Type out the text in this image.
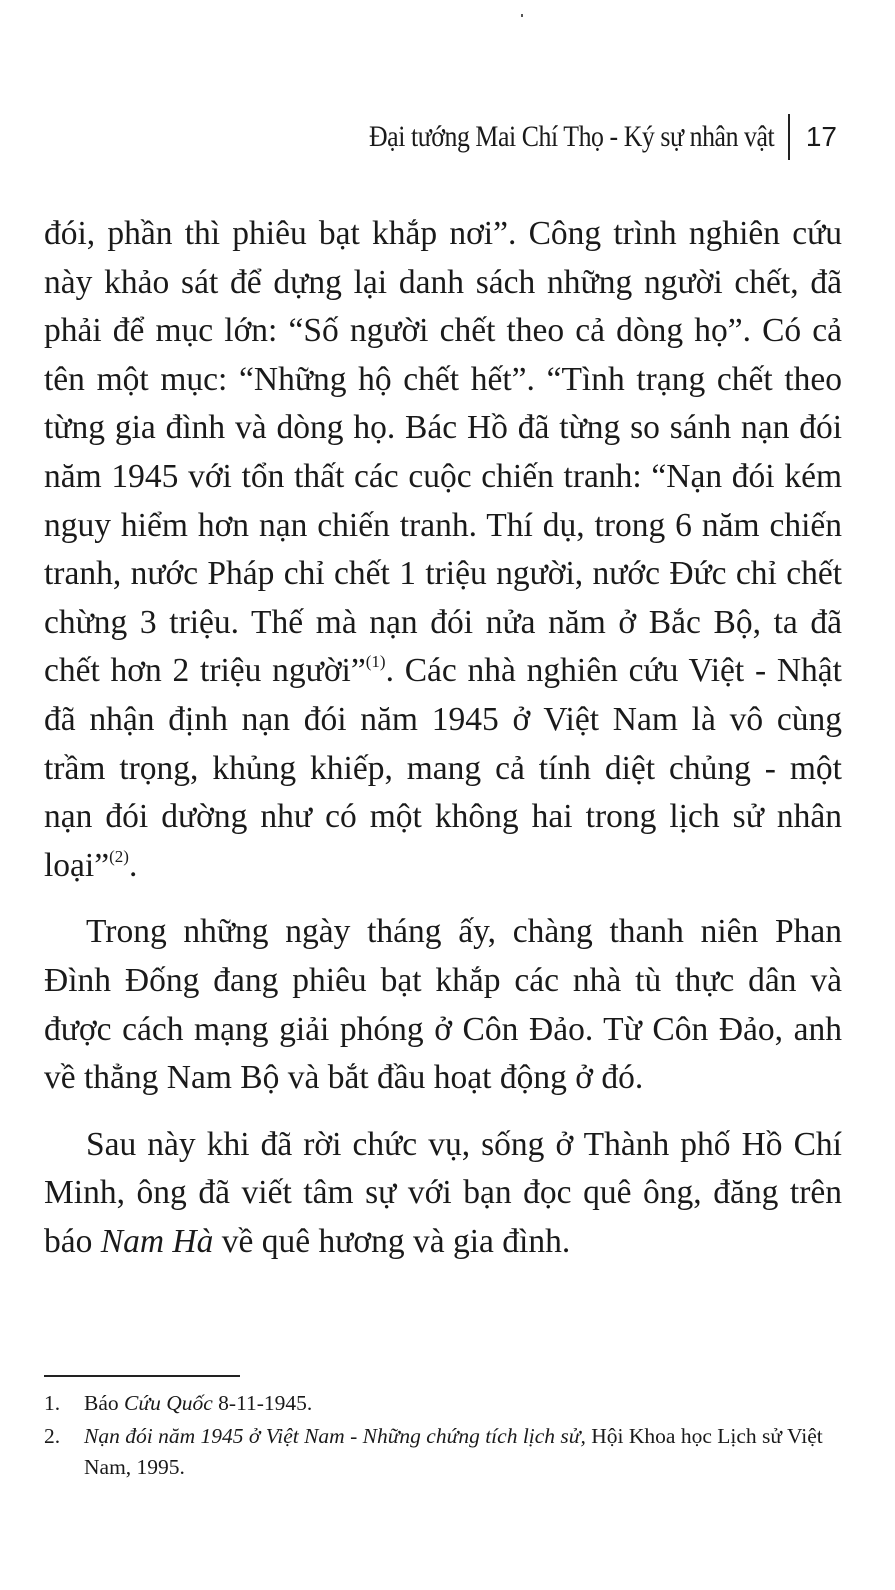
Đại tướng Mai Chí Thọ - Ký sự nhân vật 17

đói, phần thì phiêu bạt khắp nơi”. Công trình nghiên cứu này khảo sát để dựng lại danh sách những người chết, đã phải để mục lớn: “Số người chết theo cả dòng họ”. Có cả tên một mục: “Những hộ chết hết”. “Tình trạng chết theo từng gia đình và dòng họ. Bác Hồ đã từng so sánh nạn đói năm 1945 với tổn thất các cuộc chiến tranh: “Nạn đói kém nguy hiểm hơn nạn chiến tranh. Thí dụ, trong 6 năm chiến tranh, nước Pháp chỉ chết 1 triệu người, nước Đức chỉ chết chừng 3 triệu. Thế mà nạn đói nửa năm ở Bắc Bộ, ta đã chết hơn 2 triệu người”$^{(1)}$. Các nhà nghiên cứu Việt - Nhật đã nhận định nạn đói năm 1945 ở Việt Nam là vô cùng trầm trọng, khủng khiếp, mang cả tính diệt chủng - một nạn đói dường như có một không hai trong lịch sử nhân loại”$^{(2)}$.

Trong những ngày tháng ấy, chàng thanh niên Phan Đình Đống đang phiêu bạt khắp các nhà tù thực dân và được cách mạng giải phóng ở Côn Đảo. Từ Côn Đảo, anh về thẳng Nam Bộ và bắt đầu hoạt động ở đó.

Sau này khi đã rời chức vụ, sống ở Thành phố Hồ Chí Minh, ông đã viết tâm sự với bạn đọc quê ông, đăng trên báo Nam Hà về quê hương và gia đình.

1.	Báo Cứu Quốc 8-11-1945.
2.	Nạn đói năm 1945 ở Việt Nam - Những chứng tích lịch sử, Hội Khoa học Lịch sử Việt Nam, 1995.
